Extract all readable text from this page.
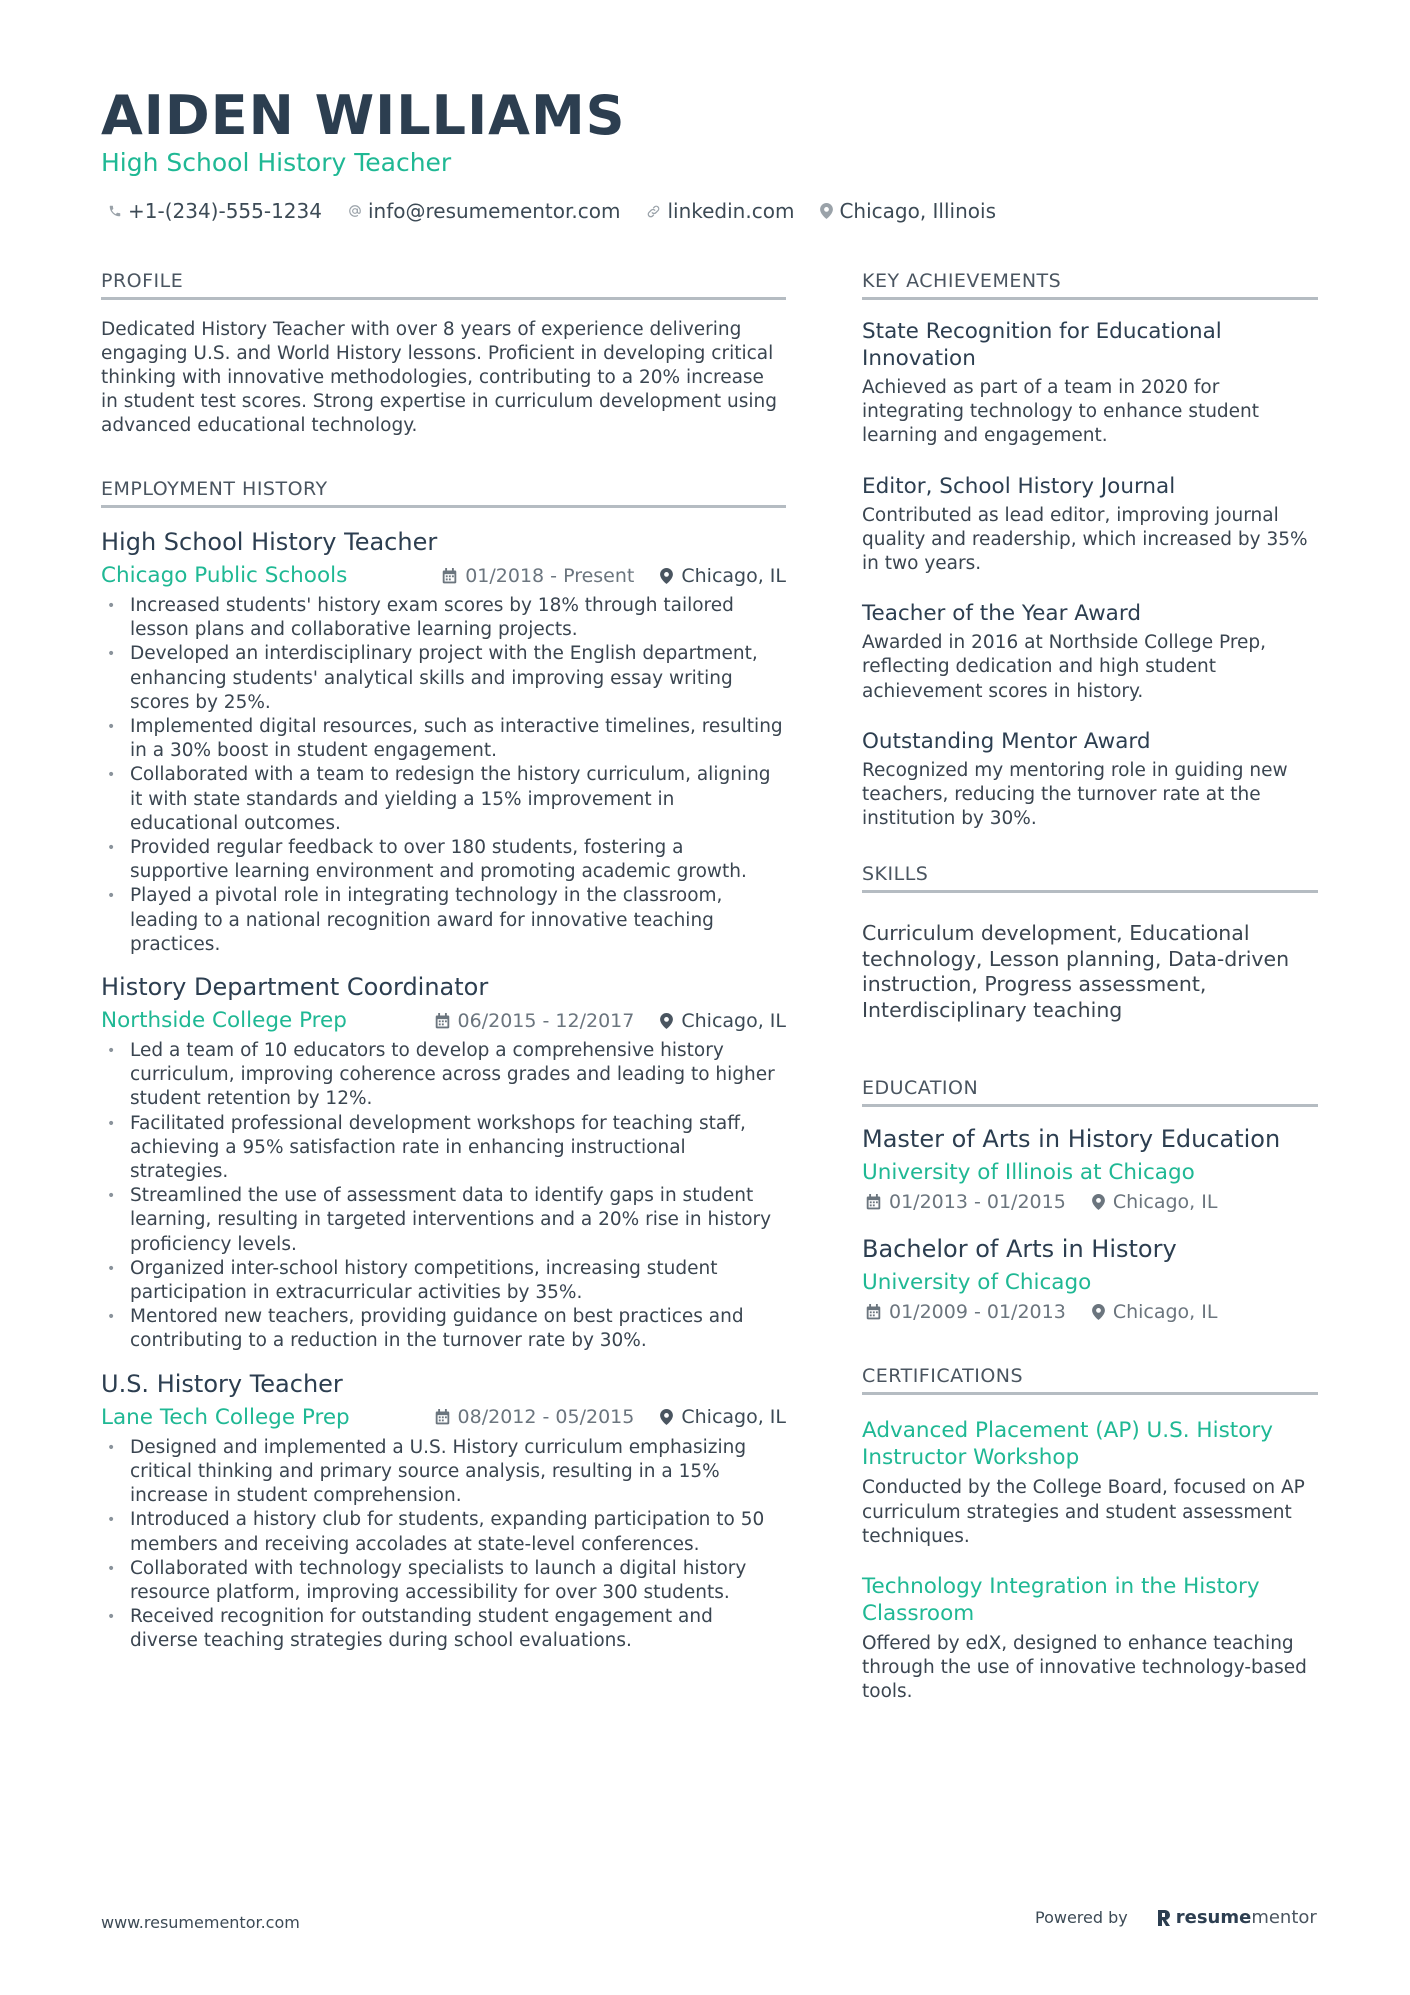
AIDEN WILLIAMS
High School History Teacher
+1-(234)-555-1234 info@resumementor.com linkedin.com Chicago, Illinois
PROFILE
Dedicated History Teacher with over 8 years of experience delivering engaging U.S. and World History lessons. Proficient in developing critical thinking with innovative methodologies, contributing to a 20% increase in student test scores. Strong expertise in curriculum development using advanced educational technology.
EMPLOYMENT HISTORY
High School History Teacher
Chicago Public Schools	01/2018 - Present Chicago, IL
• Increased students' history exam scores by 18% through tailored lesson plans and collaborative learning projects.
• Developed an interdisciplinary project with the English department, enhancing students' analytical skills and improving essay writing scores by 25%.
• Implemented digital resources, such as interactive timelines, resulting in a 30% boost in student engagement.
• Collaborated with a team to redesign the history curriculum, aligning it with state standards and yielding a 15% improvement in educational outcomes.
• Provided regular feedback to over 180 students, fostering a supportive learning environment and promoting academic growth.
• Played a pivotal role in integrating technology in the classroom, leading to a national recognition award for innovative teaching practices.
History Department Coordinator
Northside College Prep	06/2015 - 12/2017 Chicago, IL
• Led a team of 10 educators to develop a comprehensive history curriculum, improving coherence across grades and leading to higher student retention by 12%.
• Facilitated professional development workshops for teaching staff, achieving a 95% satisfaction rate in enhancing instructional strategies.
• Streamlined the use of assessment data to identify gaps in student learning, resulting in targeted interventions and a 20% rise in history proficiency levels.
• Organized inter-school history competitions, increasing student participation in extracurricular activities by 35%.
• Mentored new teachers, providing guidance on best practices and contributing to a reduction in the turnover rate by 30%.
U.S. History Teacher
Lane Tech College Prep	08/2012 - 05/2015 Chicago, IL
• Designed and implemented a U.S. History curriculum emphasizing critical thinking and primary source analysis, resulting in a 15% increase in student comprehension.
• Introduced a history club for students, expanding participation to 50 members and receiving accolades at state-level conferences.
• Collaborated with technology specialists to launch a digital history resource platform, improving accessibility for over 300 students.
• Received recognition for outstanding student engagement and diverse teaching strategies during school evaluations.
KEY ACHIEVEMENTS
State Recognition for Educational Innovation
Achieved as part of a team in 2020 for integrating technology to enhance student learning and engagement.
Editor, School History Journal
Contributed as lead editor, improving journal quality and readership, which increased by 35% in two years.
Teacher of the Year Award
Awarded in 2016 at Northside College Prep, reflecting dedication and high student achievement scores in history.
Outstanding Mentor Award
Recognized my mentoring role in guiding new teachers, reducing the turnover rate at the institution by 30%.
SKILLS
Curriculum development, Educational technology, Lesson planning, Data-driven instruction, Progress assessment, Interdisciplinary teaching
EDUCATION
Master of Arts in History Education
University of Illinois at Chicago
01/2013 - 01/2015 Chicago, IL
Bachelor of Arts in History
University of Chicago
01/2009 - 01/2013 Chicago, IL
CERTIFICATIONS
Advanced Placement (AP) U.S. History Instructor Workshop
Conducted by the College Board, focused on AP curriculum strategies and student assessment techniques.
Technology Integration in the History Classroom
Offered by edX, designed to enhance teaching through the use of innovative technology-based tools.
www.resumementor.com	Powered by	resume mentor
